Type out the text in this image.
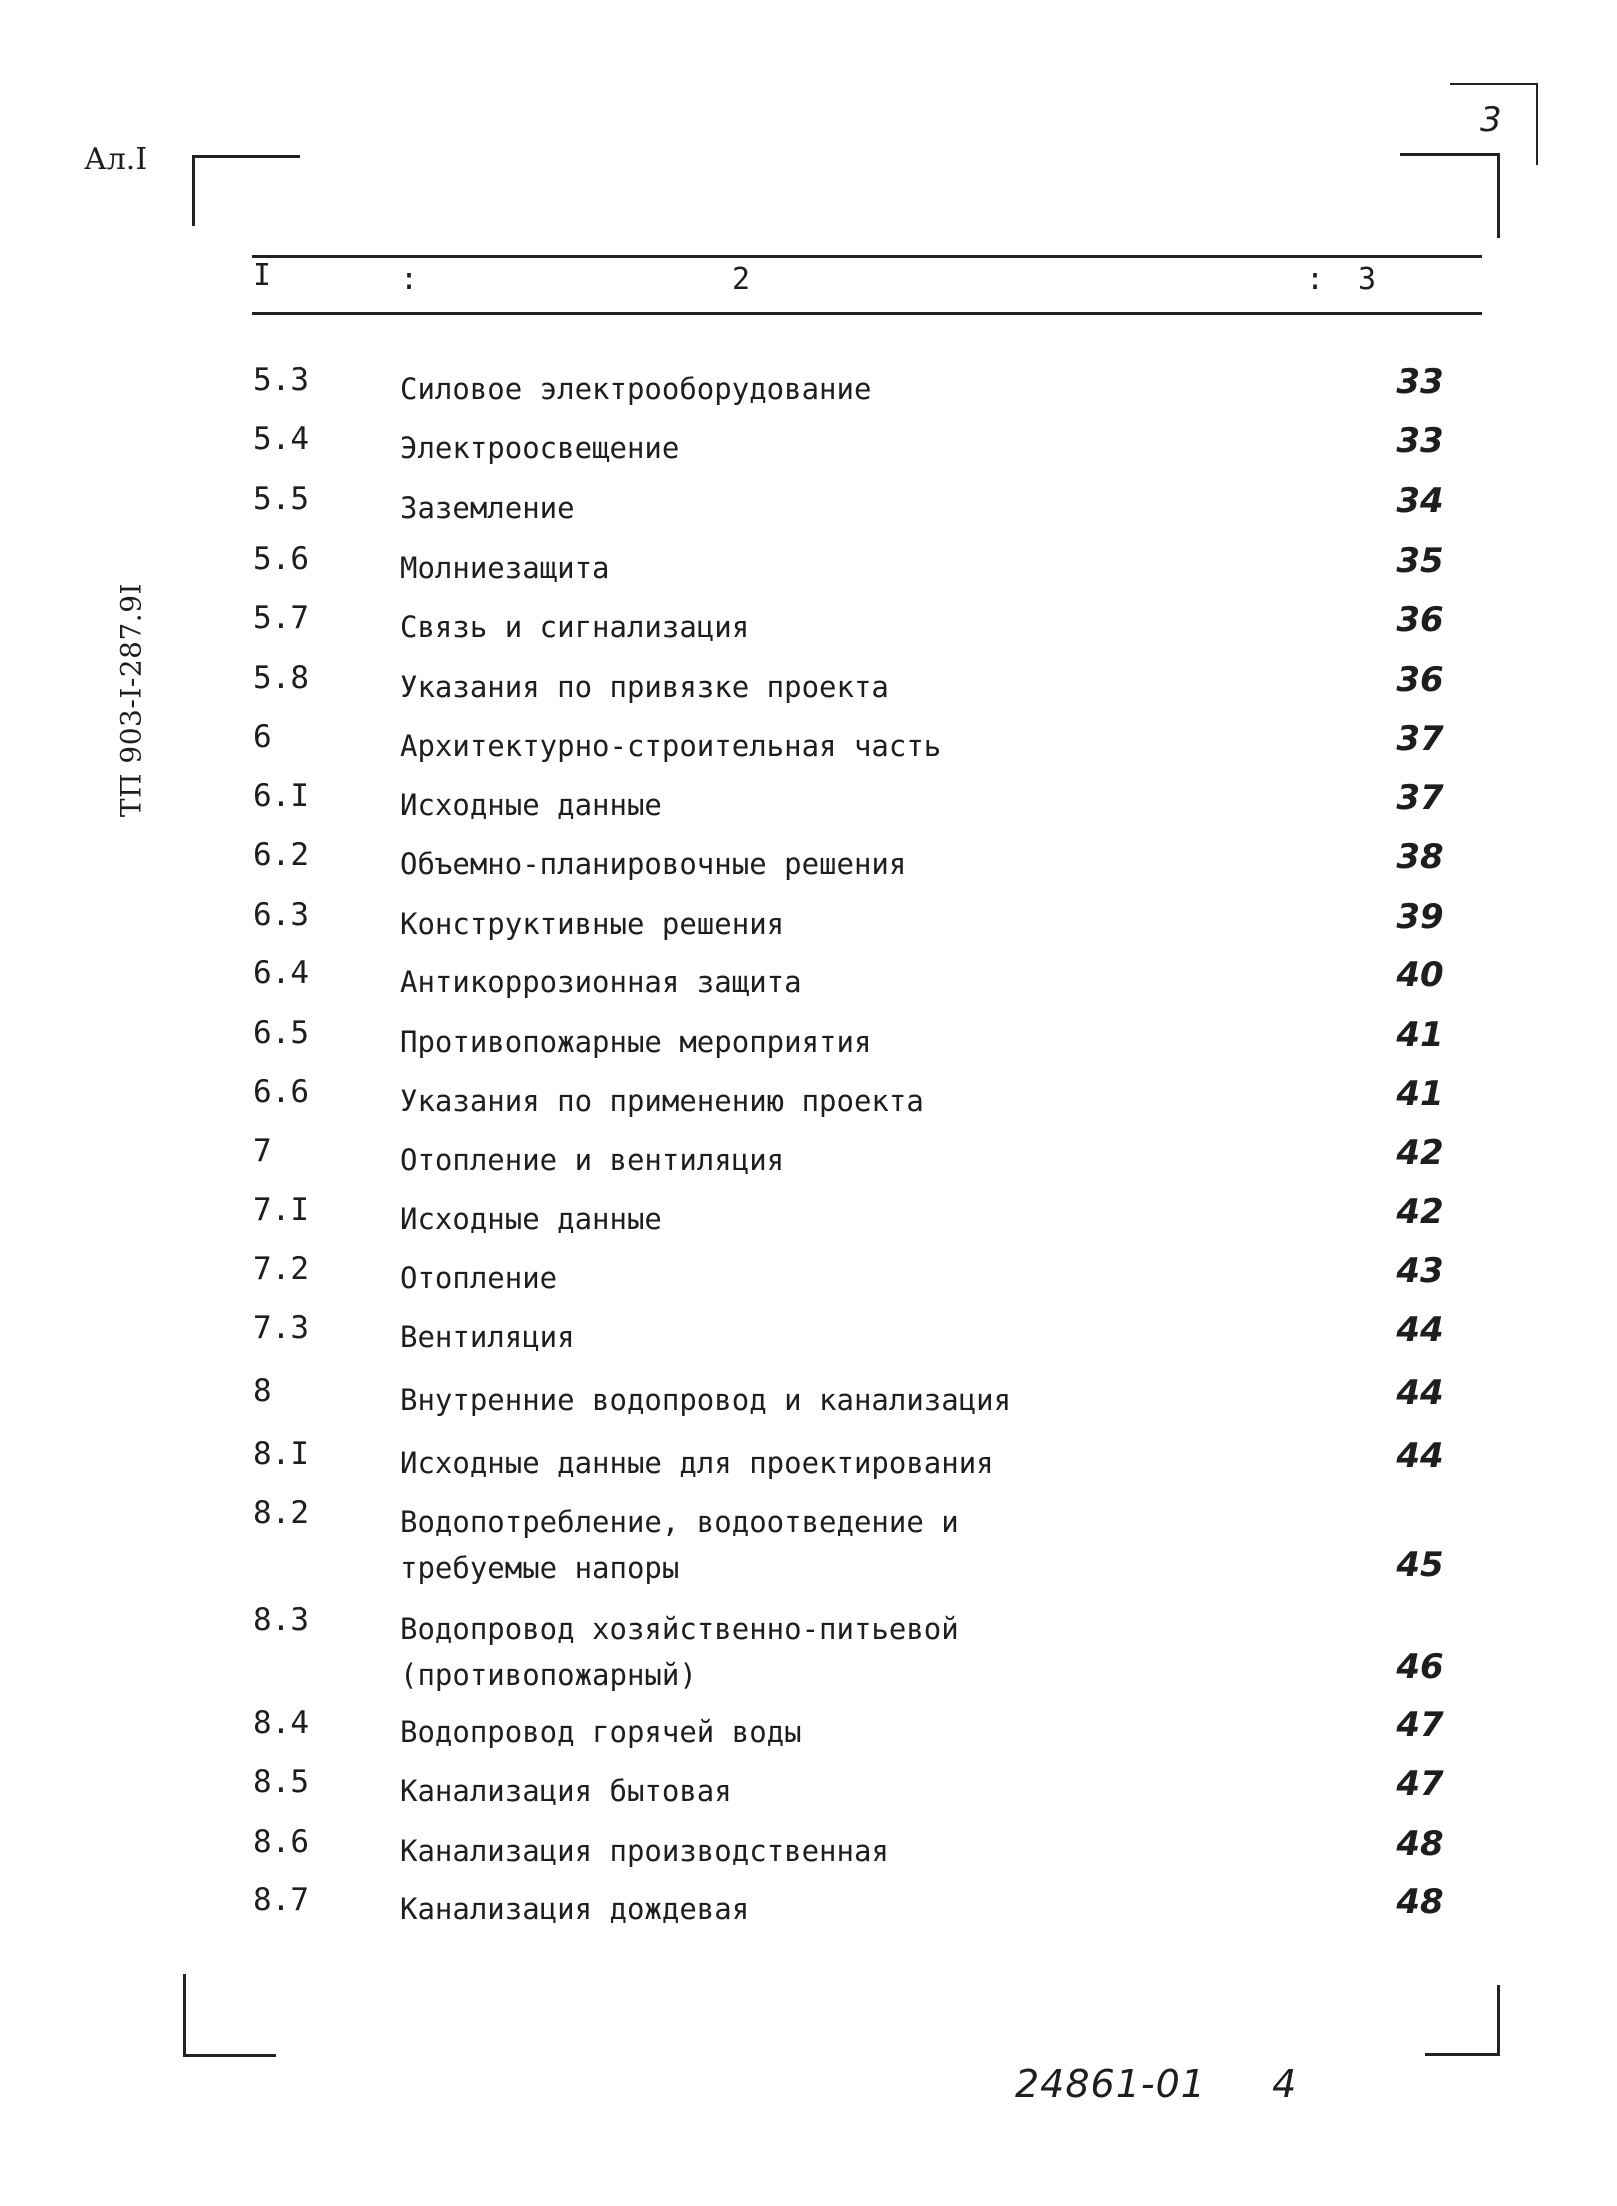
3
Ал.I
ТП 903-I-287.9I
I	:	2	: 3
5.3	Силовое электрооборудование	33
5.4	Электроосвещение	33
5.5	Заземление	34
5.6	Молниезащита	35
5.7	Связь и сигнализация	36
5.8	Указания по привязке проекта	36
6	Архитектурно-строительная часть	37
6.I	Исходные данные	37
6.2	Объемно-планировочные решения	38
6.3	Конструктивные решения	39
6.4	Антикоррозионная защита	40
6.5	Противопожарные мероприятия	41
6.6	Указания по применению проекта	41
7	Отопление и вентиляция	42
7.I	Исходные данные	42
7.2	Отопление	43
7.3	Вентиляция	44
8	Внутренние водопровод и канализация	44
8.I	Исходные данные для проектирования	44
8.2	Водопотребление, водоотведение и
требуемые напоры	45
8.3	Водопровод хозяйственно-питьевой
(противопожарный)	46
8.4	Водопровод горячей воды	47
8.5	Канализация бытовая	47
8.6	Канализация производственная	48
8.7	Канализация дождевая	48
24861-01 4
